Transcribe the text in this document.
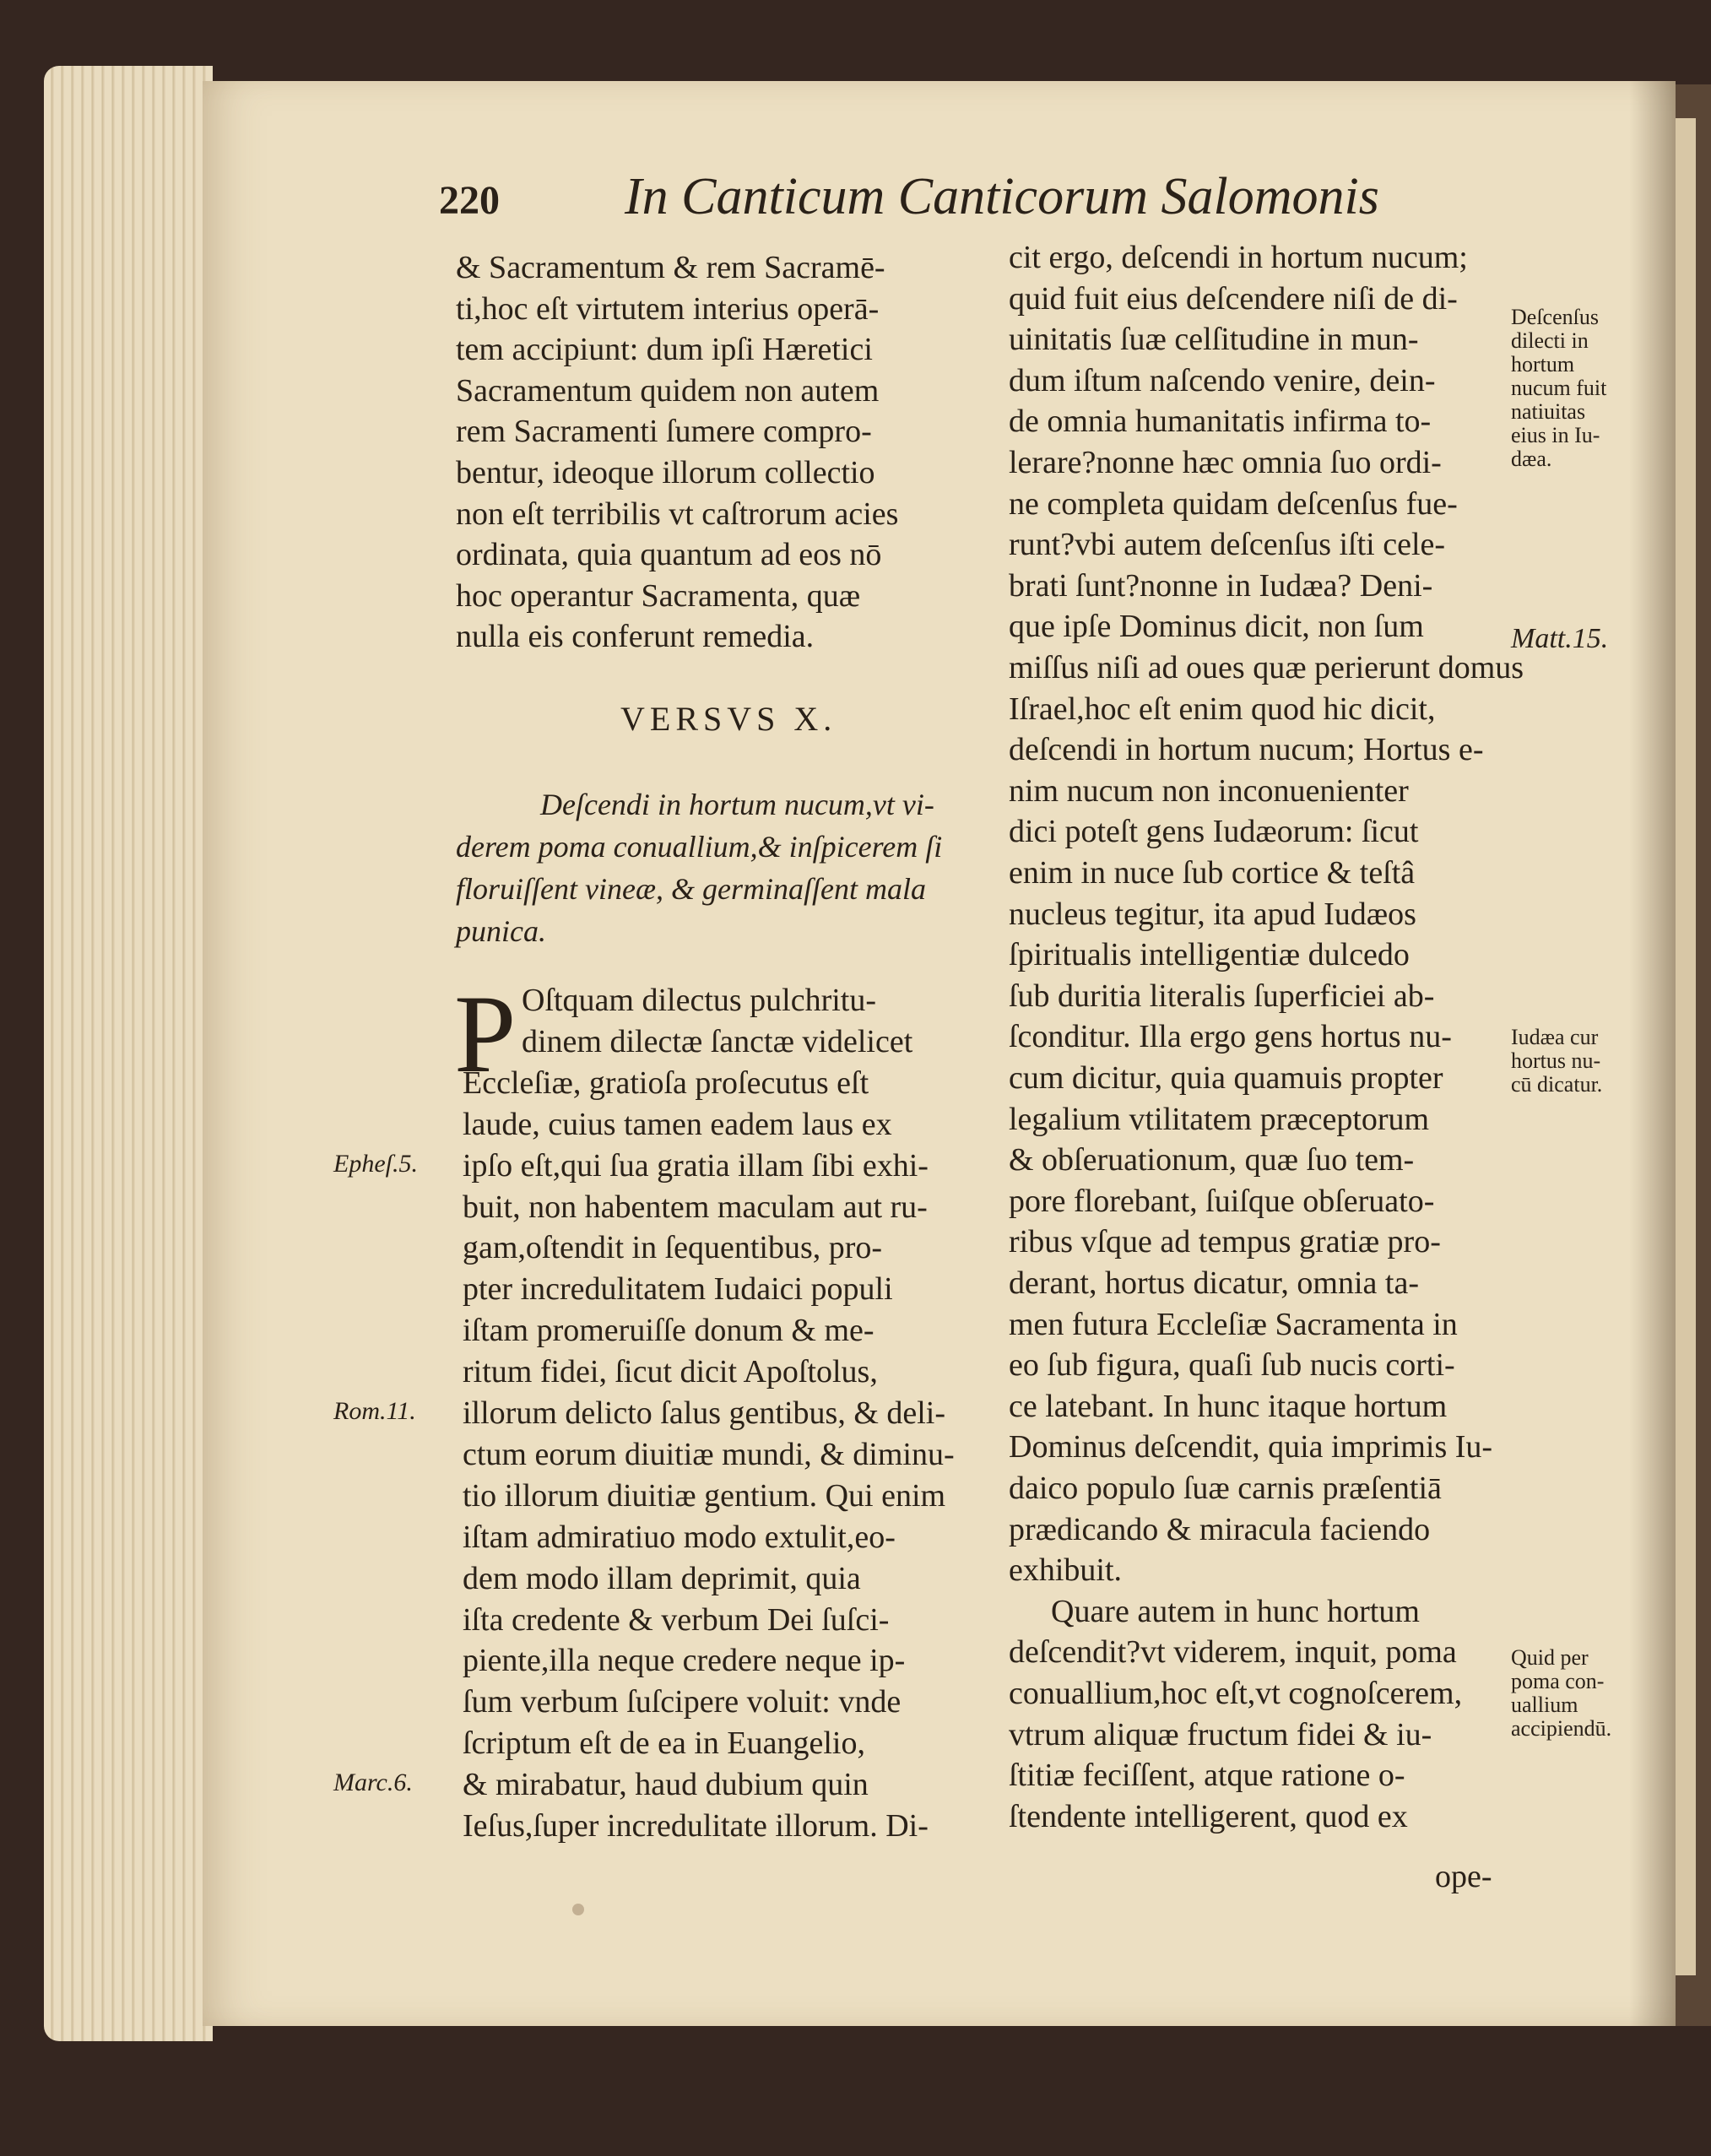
220 In Canticum Canticorum Salomonis
VERSVS X.
P
ope-
& Sacramentum & rem Sacramē-
ti,hoc eſt virtutem interius operā-
tem accipiunt: dum ipſi Hæretici
Sacramentum quidem non autem
rem Sacramenti ſumere compro-
bentur, ideoque illorum collectio
non eſt terribilis vt caſtrorum acies
ordinata, quia quantum ad eos nō
hoc operantur Sacramenta, quæ
nulla eis conferunt remedia.
Deſcendi in hortum nucum,vt vi-
derem poma conuallium,& inſpicerem ſi
floruiſſent vineæ, & germinaſſent mala
punica.
Oſtquam dilectus pulchritu-
dinem dilectæ ſanctæ videlicet
Eccleſiæ, gratioſa proſecutus eſt
laude, cuius tamen eadem laus ex
ipſo eſt,qui ſua gratia illam ſibi exhi-
buit, non habentem maculam aut ru-
gam,oſtendit in ſequentibus, pro-
pter incredulitatem Iudaici populi
iſtam promeruiſſe donum & me-
ritum fidei, ſicut dicit Apoſtolus,
illorum delicto ſalus gentibus, & deli-
ctum eorum diuitiæ mundi, & diminu-
tio illorum diuitiæ gentium. Qui enim
iſtam admiratiuo modo extulit,eo-
dem modo illam deprimit, quia
iſta credente & verbum Dei ſuſci-
piente,illa neque credere neque ip-
ſum verbum ſuſcipere voluit: vnde
ſcriptum eſt de ea in Euangelio,
& mirabatur, haud dubium quin
Ieſus,ſuper incredulitate illorum. Di-
Epheſ.5.
Rom.11.
Marc.6.
cit ergo, deſcendi in hortum nucum;
quid fuit eius deſcendere niſi de di-
uinitatis ſuæ celſitudine in mun-
dum iſtum naſcendo venire, dein-
de omnia humanitatis infirma to-
lerare?nonne hæc omnia ſuo ordi-
ne completa quidam deſcenſus fue-
runt?vbi autem deſcenſus iſti cele-
brati ſunt?nonne in Iudæa? Deni-
que ipſe Dominus dicit, non ſum
miſſus niſi ad oues quæ perierunt domus
Iſrael,hoc eſt enim quod hic dicit,
deſcendi in hortum nucum; Hortus e-
nim nucum non inconuenienter
dici poteſt gens Iudæorum: ſicut
enim in nuce ſub cortice & teſtâ
nucleus tegitur, ita apud Iudæos
ſpiritualis intelligentiæ dulcedo
ſub duritia literalis ſuperficiei ab-
ſconditur. Illa ergo gens hortus nu-
cum dicitur, quia quamuis propter
legalium vtilitatem præceptorum
& obſeruationum, quæ ſuo tem-
pore florebant, ſuiſque obſeruato-
ribus vſque ad tempus gratiæ pro-
derant, hortus dicatur, omnia ta-
men futura Eccleſiæ Sacramenta in
eo ſub figura, quaſi ſub nucis corti-
ce latebant. In hunc itaque hortum
Dominus deſcendit, quia imprimis Iu-
daico populo ſuæ carnis præſentiā
prædicando & miracula faciendo
exhibuit.
Quare autem in hunc hortum
deſcendit?vt viderem, inquit, poma
conuallium,hoc eſt,vt cognoſcerem,
vtrum aliquæ fructum fidei & iu-
ſtitiæ feciſſent, atque ratione o-
ſtendente intelligerent, quod ex
Deſcenſus
dilecti in
hortum
nucum fuit
natiuitas
eius in Iu-
dæa.
Matt.15.
Iudæa cur
hortus nu-
cū dicatur.
Quid per
poma con-
uallium
accipiendū.
